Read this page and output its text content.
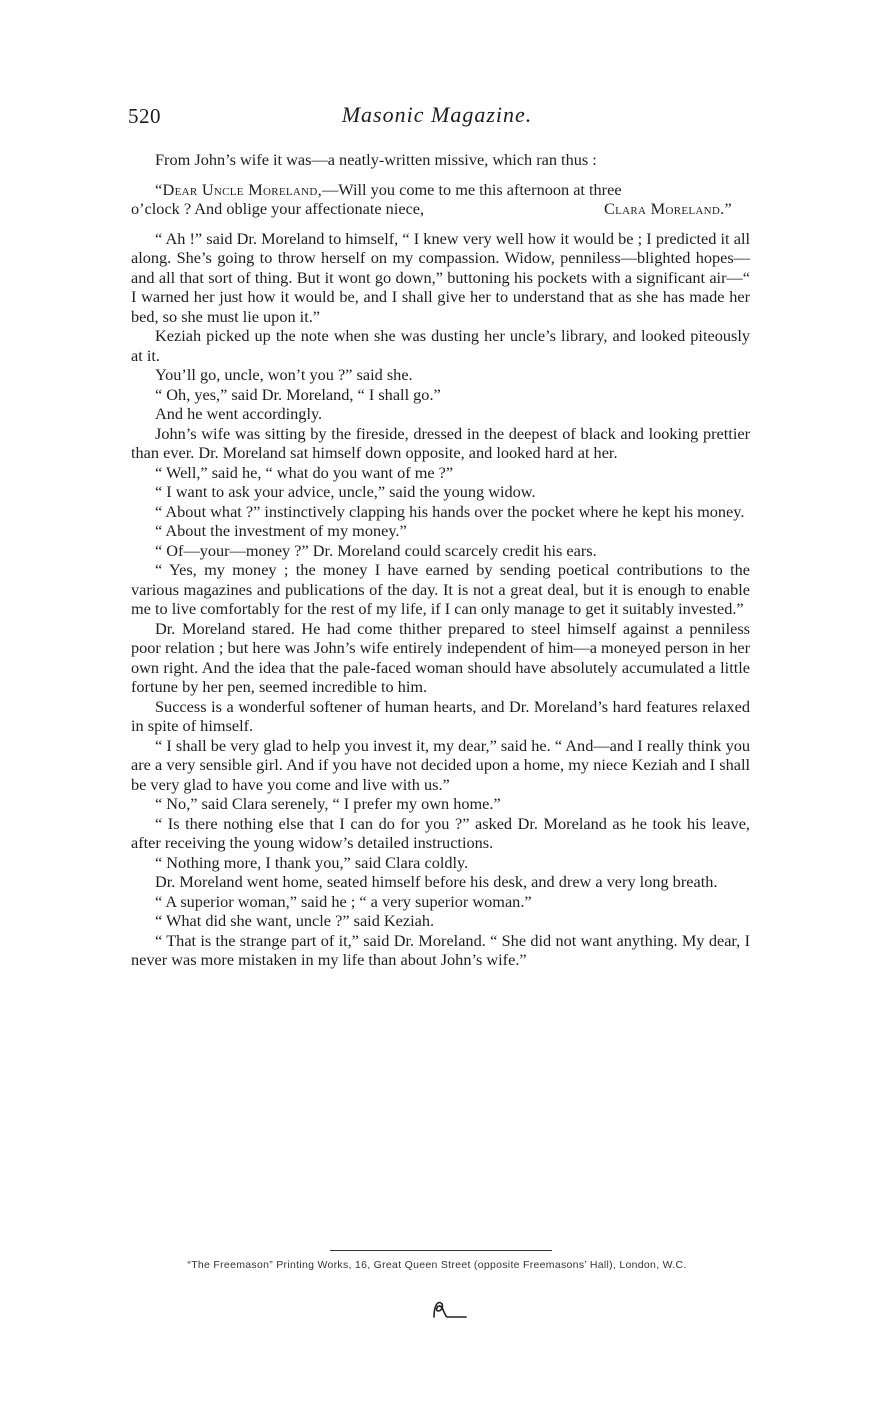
520	Masonic Magazine.

From John’s wife it was—a neatly-written missive, which ran thus :

“Dear Uncle Moreland,—Will you come to me this afternoon at three

o’clock ? And oblige your affectionate niece,	Clara Moreland.”

“ Ah !” said Dr. Moreland to himself, “ I knew very well how it would be ; I predicted it all along. She’s going to throw herself on my compassion. Widow, penniless—blighted hopes—and all that sort of thing. But it wont go down,” buttoning his pockets with a significant air—“ I warned her just how it would be, and I shall give her to understand that as she has made her bed, so she must lie upon it.”

Keziah picked up the note when she was dusting her uncle’s library, and looked piteously at it.

You’ll go, uncle, won’t you ?” said she.

“ Oh, yes,” said Dr. Moreland, “ I shall go.”

And he went accordingly.

John’s wife was sitting by the fireside, dressed in the deepest of black and looking prettier than ever. Dr. Moreland sat himself down opposite, and looked hard at her.

“ Well,” said he, “ what do you want of me ?”

“ I want to ask your advice, uncle,” said the young widow.

“ About what ?” instinctively clapping his hands over the pocket where he kept his money.

“ About the investment of my money.”

“ Of—your—money ?” Dr. Moreland could scarcely credit his ears.

“ Yes, my money ; the money I have earned by sending poetical contributions to the various magazines and publications of the day. It is not a great deal, but it is enough to enable me to live comfortably for the rest of my life, if I can only manage to get it suitably invested.”

Dr. Moreland stared. He had come thither prepared to steel himself against a penniless poor relation ; but here was John’s wife entirely independent of him—a moneyed person in her own right. And the idea that the pale-faced woman should have absolutely accumulated a little fortune by her pen, seemed incredible to him.

Success is a wonderful softener of human hearts, and Dr. Moreland’s hard features relaxed in spite of himself.

“ I shall be very glad to help you invest it, my dear,” said he. “ And—and I really think you are a very sensible girl. And if you have not decided upon a home, my niece Keziah and I shall be very glad to have you come and live with us.”

“ No,” said Clara serenely, “ I prefer my own home.”

“ Is there nothing else that I can do for you ?” asked Dr. Moreland as he took his leave, after receiving the young widow’s detailed instructions.

“ Nothing more, I thank you,” said Clara coldly.

Dr. Moreland went home, seated himself before his desk, and drew a very long breath.

“ A superior woman,” said he ; “ a very superior woman.”

“ What did she want, uncle ?” said Keziah.

“ That is the strange part of it,” said Dr. Moreland. “ She did not want anything. My dear, I never was more mistaken in my life than about John’s wife.”

“The Freemason” Printing Works, 16, Great Queen Street (opposite Freemasons’ Hall), London, W.C.
